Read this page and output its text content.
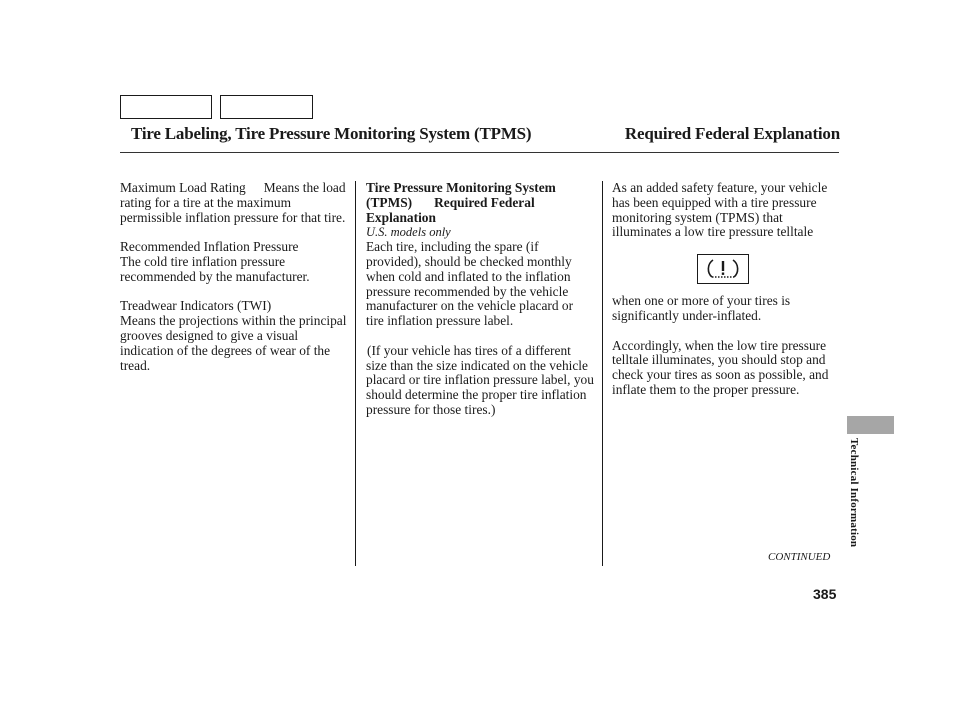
Tire Labeling, Tire Pressure Monitoring System (TPMS)	Required Federal Explanation

Maximum Load Rating Means the load rating for a tire at the maximum permissible inflation pressure for that tire.

Recommended Inflation Pressure

The cold tire inflation pressure recommended by the manufacturer.

Treadwear Indicators (TWI)

Means the projections within the principal grooves designed to give a visual indication of the degrees of wear of the tread.

Tire Pressure Monitoring System

(TPMS) Required Federal

Explanation

U.S. models only

Each tire, including the spare (if provided), should be checked monthly when cold and inflated to the inflation pressure recommended by the vehicle manufacturer on the vehicle placard or tire inflation pressure label.

(If your vehicle has tires of a different size than the size indicated on the vehicle placard or tire inflation pressure label, you should determine the proper tire inflation pressure for those tires.)

As an added safety feature, your vehicle has been equipped with a tire pressure monitoring system (TPMS) that illuminates a low tire pressure telltale

when one or more of your tires is significantly under-inflated.

Accordingly, when the low tire pressure telltale illuminates, you should stop and check your tires as soon as possible, and inflate them to the proper pressure.

Technical Information
CONTINUED
385
